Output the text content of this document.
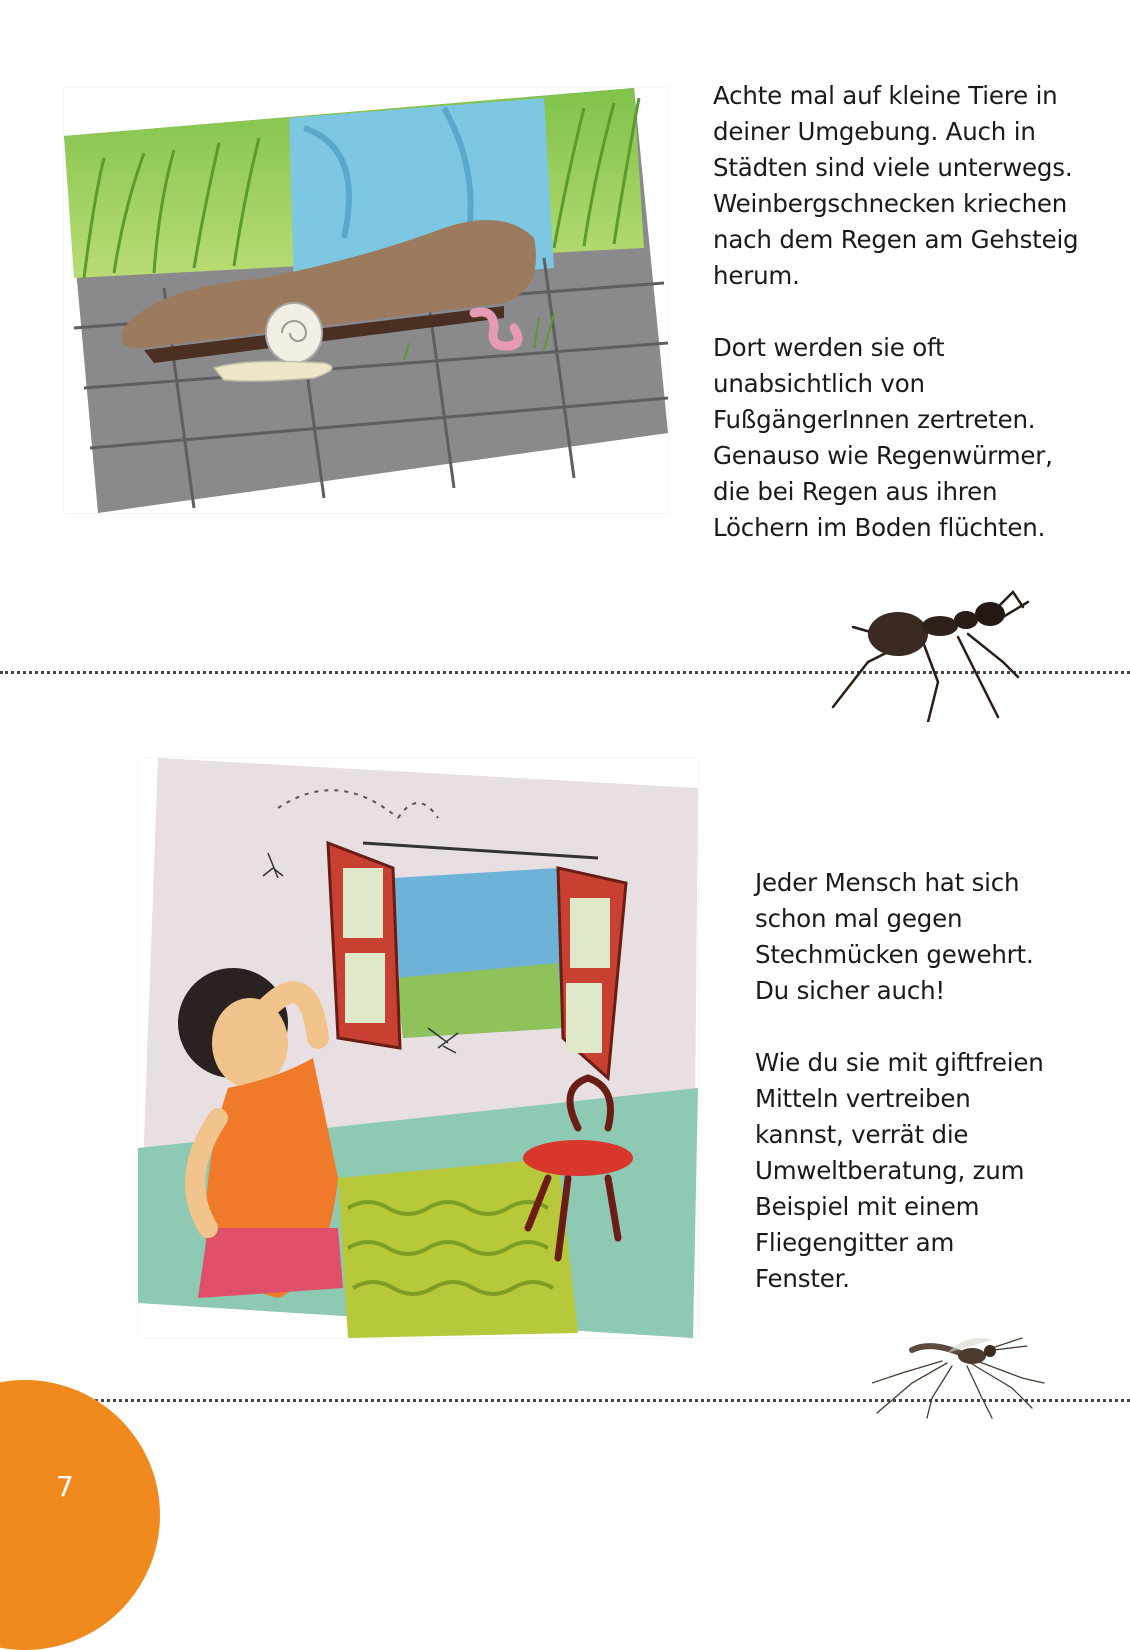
Achte mal auf kleine Tiere in deiner Umgebung. Auch in Städten sind viele unterwegs. Weinbergschnecken kriechen nach dem Regen am Gehsteig herum.

Dort werden sie oft unabsichtlich von FußgängerInnen zertreten. Genauso wie Regenwürmer, die bei Regen aus ihren Löchern im Boden flüchten.

Jeder Mensch hat sich schon mal gegen Stechmücken gewehrt. Du sicher auch!

Wie du sie mit giftfreien Mitteln vertreiben kannst, verrät die Umweltberatung, zum Beispiel mit einem Fliegengitter am Fenster.

7
